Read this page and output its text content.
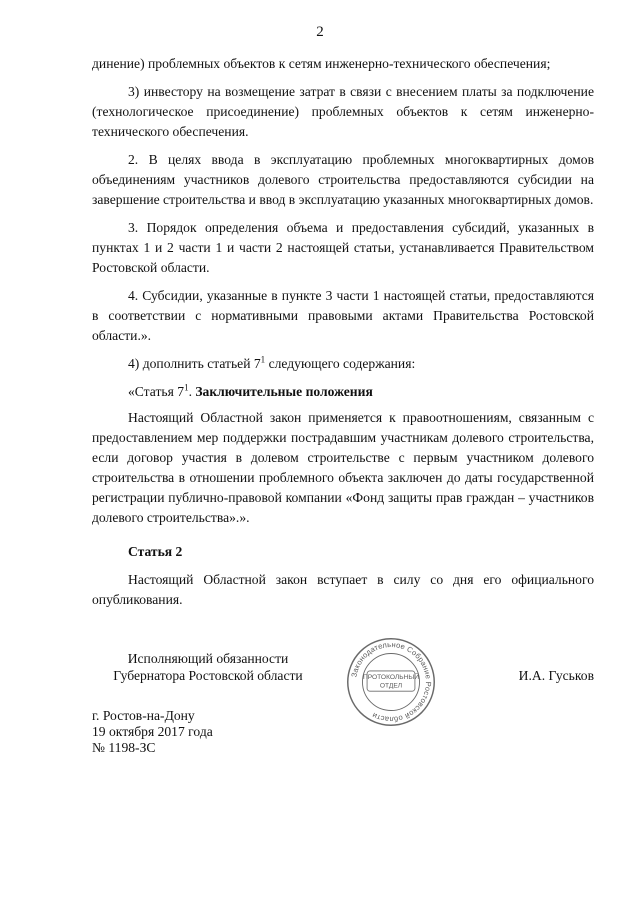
2

динение) проблемных объектов к сетям инженерно-технического обеспечения;

3) инвестору на возмещение затрат в связи с внесением платы за подключение (технологическое присоединение) проблемных объектов к сетям инженерно-технического обеспечения.

2. В целях ввода в эксплуатацию проблемных многоквартирных домов объединениям участников долевого строительства предоставляются субсидии на завершение строительства и ввод в эксплуатацию указанных многоквартирных домов.

3. Порядок определения объема и предоставления субсидий, указанных в пунктах 1 и 2 части 1 и части 2 настоящей статьи, устанавливается Правительством Ростовской области.

4. Субсидии, указанные в пункте 3 части 1 настоящей статьи, предоставляются в соответствии с нормативными правовыми актами Правительства Ростовской области.».

4) дополнить статьей $7^1$ следующего содержания:

«Статья $7^1$. Заключительные положения

Настоящий Областной закон применяется к правоотношениям, связанным с предоставлением мер поддержки пострадавшим участникам долевого строительства, если договор участия в долевом строительстве с первым участником долевого строительства в отношении проблемного объекта заключен до даты государственной регистрации публично-правовой компании «Фонд защиты прав граждан – участников долевого строительства».».

Статья 2

Настоящий Областной закон вступает в силу со дня его официального опубликования.

Исполняющий обязанности
Губернатора Ростовской области	Законодательное Собрание Ростовской области
ПРОТОКОЛЬНЫЙ
ОТДЕЛ
И.А. Гуськов
г. Ростов-на-Дону
19 октября 2017 года
№ 1198-ЗС
